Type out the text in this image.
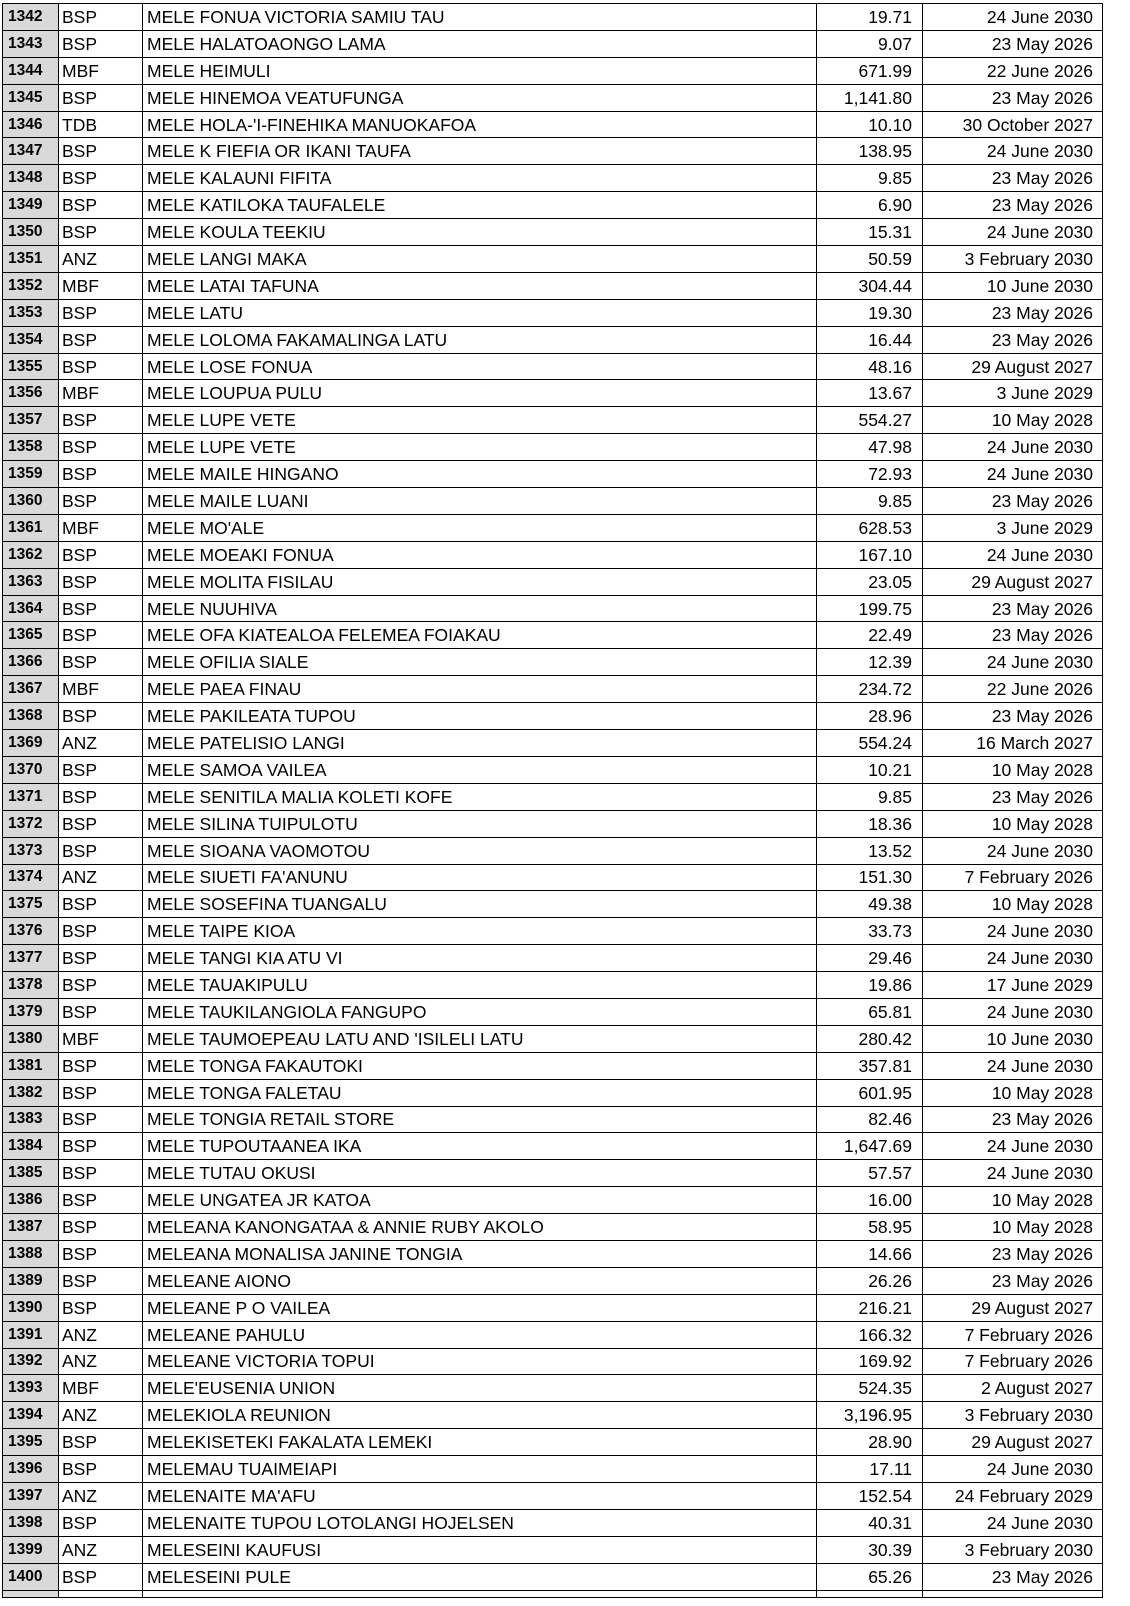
1342	BSP	MELE FONUA VICTORIA SAMIU TAU	19.71	24 June 2030
1343	BSP	MELE HALATOAONGO LAMA	9.07	23 May 2026
1344	MBF	MELE HEIMULI	671.99	22 June 2026
1345	BSP	MELE HINEMOA VEATUFUNGA	1,141.80	23 May 2026
1346	TDB	MELE HOLA-'I-FINEHIKA MANUOKAFOA	10.10	30 October 2027
1347	BSP	MELE K FIEFIA OR IKANI TAUFA	138.95	24 June 2030
1348	BSP	MELE KALAUNI FIFITA	9.85	23 May 2026
1349	BSP	MELE KATILOKA TAUFALELE	6.90	23 May 2026
1350	BSP	MELE KOULA TEEKIU	15.31	24 June 2030
1351	ANZ	MELE LANGI MAKA	50.59	3 February 2030
1352	MBF	MELE LATAI TAFUNA	304.44	10 June 2030
1353	BSP	MELE LATU	19.30	23 May 2026
1354	BSP	MELE LOLOMA FAKAMALINGA LATU	16.44	23 May 2026
1355	BSP	MELE LOSE FONUA	48.16	29 August 2027
1356	MBF	MELE LOUPUA PULU	13.67	3 June 2029
1357	BSP	MELE LUPE VETE	554.27	10 May 2028
1358	BSP	MELE LUPE VETE	47.98	24 June 2030
1359	BSP	MELE MAILE HINGANO	72.93	24 June 2030
1360	BSP	MELE MAILE LUANI	9.85	23 May 2026
1361	MBF	MELE MO'ALE	628.53	3 June 2029
1362	BSP	MELE MOEAKI FONUA	167.10	24 June 2030
1363	BSP	MELE MOLITA FISILAU	23.05	29 August 2027
1364	BSP	MELE NUUHIVA	199.75	23 May 2026
1365	BSP	MELE OFA KIATEALOA FELEMEA FOIAKAU	22.49	23 May 2026
1366	BSP	MELE OFILIA SIALE	12.39	24 June 2030
1367	MBF	MELE PAEA FINAU	234.72	22 June 2026
1368	BSP	MELE PAKILEATA TUPOU	28.96	23 May 2026
1369	ANZ	MELE PATELISIO LANGI	554.24	16 March 2027
1370	BSP	MELE SAMOA VAILEA	10.21	10 May 2028
1371	BSP	MELE SENITILA MALIA KOLETI KOFE	9.85	23 May 2026
1372	BSP	MELE SILINA TUIPULOTU	18.36	10 May 2028
1373	BSP	MELE SIOANA VAOMOTOU	13.52	24 June 2030
1374	ANZ	MELE SIUETI FA'ANUNU	151.30	7 February 2026
1375	BSP	MELE SOSEFINA TUANGALU	49.38	10 May 2028
1376	BSP	MELE TAIPE KIOA	33.73	24 June 2030
1377	BSP	MELE TANGI KIA ATU VI	29.46	24 June 2030
1378	BSP	MELE TAUAKIPULU	19.86	17 June 2029
1379	BSP	MELE TAUKILANGIOLA FANGUPO	65.81	24 June 2030
1380	MBF	MELE TAUMOEPEAU LATU AND 'ISILELI LATU	280.42	10 June 2030
1381	BSP	MELE TONGA FAKAUTOKI	357.81	24 June 2030
1382	BSP	MELE TONGA FALETAU	601.95	10 May 2028
1383	BSP	MELE TONGIA RETAIL STORE	82.46	23 May 2026
1384	BSP	MELE TUPOUTAANEA IKA	1,647.69	24 June 2030
1385	BSP	MELE TUTAU OKUSI	57.57	24 June 2030
1386	BSP	MELE UNGATEA JR KATOA	16.00	10 May 2028
1387	BSP	MELEANA KANONGATAA & ANNIE RUBY AKOLO	58.95	10 May 2028
1388	BSP	MELEANA MONALISA JANINE TONGIA	14.66	23 May 2026
1389	BSP	MELEANE AIONO	26.26	23 May 2026
1390	BSP	MELEANE P O VAILEA	216.21	29 August 2027
1391	ANZ	MELEANE PAHULU	166.32	7 February 2026
1392	ANZ	MELEANE VICTORIA TOPUI	169.92	7 February 2026
1393	MBF	MELE'EUSENIA UNION	524.35	2 August 2027
1394	ANZ	MELEKIOLA REUNION	3,196.95	3 February 2030
1395	BSP	MELEKISETEKI FAKALATA LEMEKI	28.90	29 August 2027
1396	BSP	MELEMAU TUAIMEIAPI	17.11	24 June 2030
1397	ANZ	MELENAITE MA'AFU	152.54	24 February 2029
1398	BSP	MELENAITE TUPOU LOTOLANGI HOJELSEN	40.31	24 June 2030
1399	ANZ	MELESEINI KAUFUSI	30.39	3 February 2030
1400	BSP	MELESEINI PULE	65.26	23 May 2026
